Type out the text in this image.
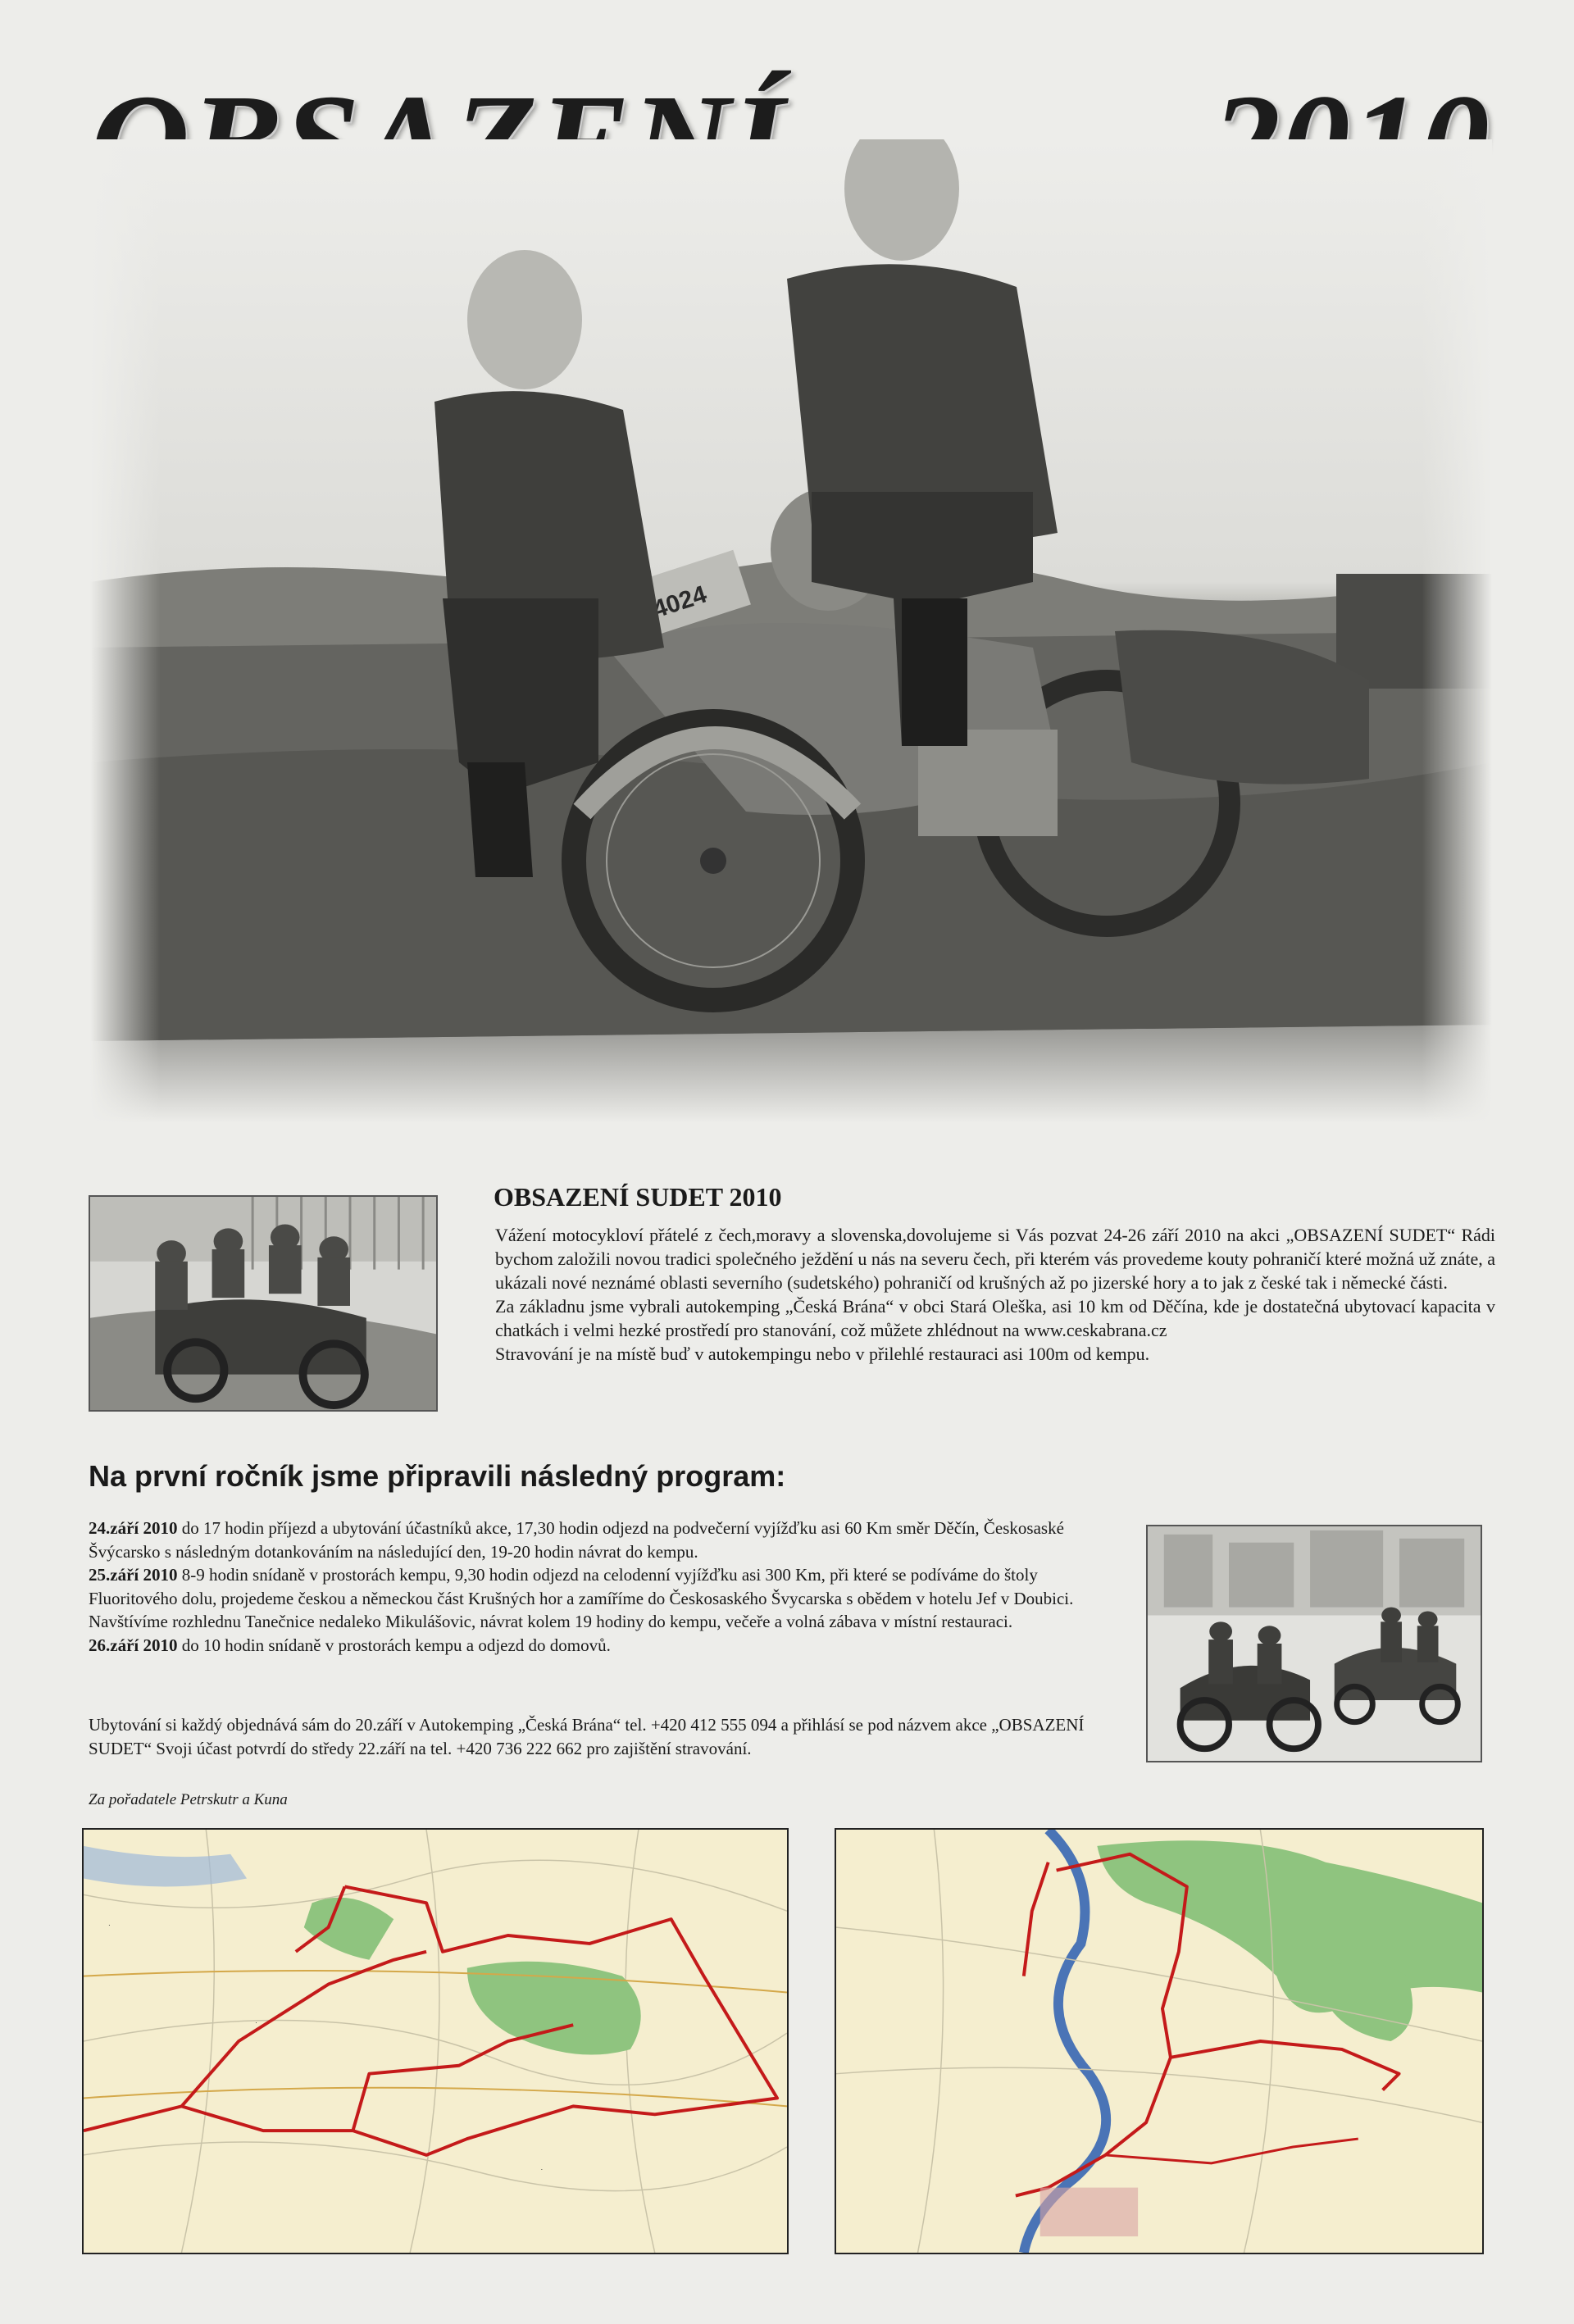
OBSAZENÍ SUDET 2010

Vážení motocykloví přátelé z čech,moravy a slovenska,dovolujeme si Vás pozvat 24-26 září 2010 na akci „OBSAZENÍ SUDET“ Rádi bychom založili novou tradici společného ježdění u nás na severu čech, při kterém vás provedeme kouty pohraničí které možná už znáte, a ukázali nové neznámé oblasti severního (sudetského) pohraničí od krušných až po jizerské hory a to jak z české tak i německé části.

Za základnu jsme vybrali autokemping „Česká Brána“ v obci Stará Oleška, asi 10 km od Děčína, kde je dostatečná ubytovací kapacita v chatkách i velmi hezké prostředí pro stanování, což můžete zhlédnout na www.ceskabrana.cz

Stravování je na místě buď v autokempingu nebo v přilehlé restauraci asi 100m od kempu.

Na první ročník jsme připravili následný program:

24.září 2010 do 17 hodin příjezd a ubytování účastníků akce, 17,30 hodin odjezd na podvečerní vyjížďku asi 60 Km směr Děčín, Českosaské Švýcarsko s následným dotankováním na následující den, 19-20 hodin návrat do kempu.

25.září 2010 8-9 hodin snídaně v prostorách kempu, 9,30 hodin odjezd na celodenní vyjížďku asi 300 Km, při které se podíváme do štoly Fluoritového dolu, projedeme českou a německou část Krušných hor a zamíříme do Českosaského Švycarska s obědem v hotelu Jef v Doubici. Navštívíme rozhlednu Tanečnice nedaleko Mikulášovic, návrat kolem 19 hodiny do kempu, večeře a volná zábava v místní restauraci.

26.září 2010 do 10 hodin snídaně v prostorách kempu a odjezd do domovů.

Ubytování si každý objednává sám do 20.září v Autokemping „Česká Brána“ tel. +420 412 555 094 a přihlásí se pod názvem akce „OBSAZENÍ SUDET“ Svoji účast potvrdí do středy 22.září na tel. +420 736 222 662 pro zajištění stravování.

Za pořadatele Petrskutr a Kuna
·
·
·
